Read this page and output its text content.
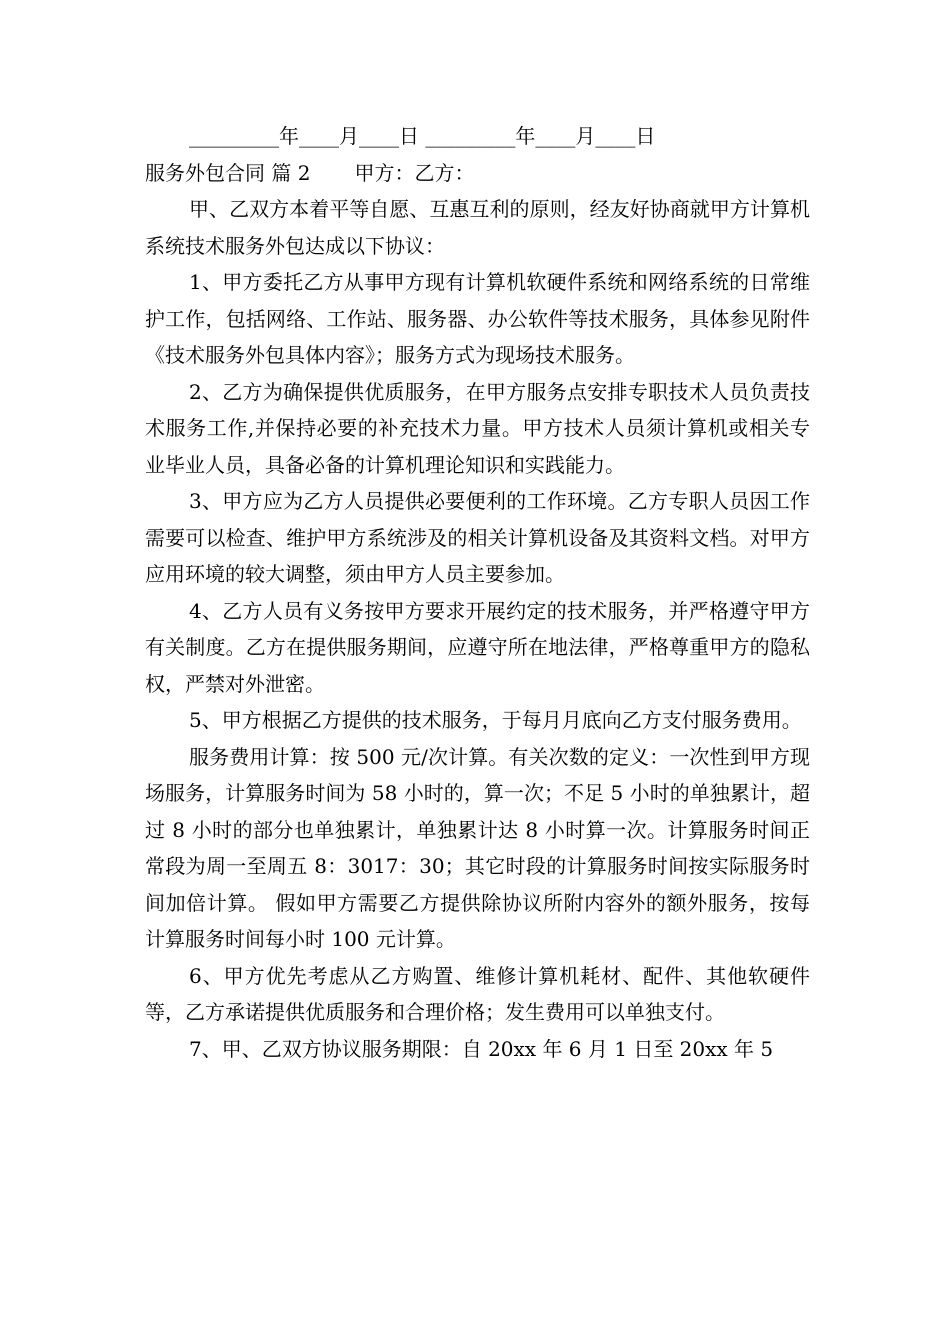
_________年____月____日 _________年____月____日
服务外包合同 篇 2 甲方：乙方：

甲、乙双方本着平等自愿、互惠互利的原则，经友好协商就甲方计算机系统技术服务外包达成以下协议：

1、甲方委托乙方从事甲方现有计算机软硬件系统和网络系统的日常维护工作，包括网络、工作站、服务器、办公软件等技术服务，具体参见附件《技术服务外包具体内容》；服务方式为现场技术服务。

2、乙方为确保提供优质服务，在甲方服务点安排专职技术人员负责技术服务工作,并保持必要的补充技术力量。甲方技术人员须计算机或相关专业毕业人员，具备必备的计算机理论知识和实践能力。

3、甲方应为乙方人员提供必要便利的工作环境。乙方专职人员因工作需要可以检查、维护甲方系统涉及的相关计算机设备及其资料文档。对甲方应用环境的较大调整，须由甲方人员主要参加。

4、乙方人员有义务按甲方要求开展约定的技术服务，并严格遵守甲方有关制度。乙方在提供服务期间，应遵守所在地法律，严格尊重甲方的隐私权，严禁对外泄密。

5、甲方根据乙方提供的技术服务，于每月月底向乙方支付服务费用。

服务费用计算：按 500 元/次计算。有关次数的定义：一次性到甲方现场服务，计算服务时间为 58 小时的，算一次；不足 5 小时的单独累计，超过 8 小时的部分也单独累计，单独累计达 8 小时算一次。计算服务时间正常段为周一至周五 8：3017：30；其它时段的计算服务时间按实际服务时间加倍计算。 假如甲方需要乙方提供除协议所附内容外的额外服务，按每计算服务时间每小时 100 元计算。

6、甲方优先考虑从乙方购置、维修计算机耗材、配件、其他软硬件等，乙方承诺提供优质服务和合理价格；发生费用可以单独支付。

7、甲、乙双方协议服务期限：自 20xx 年 6 月 1 日至 20xx 年 5
